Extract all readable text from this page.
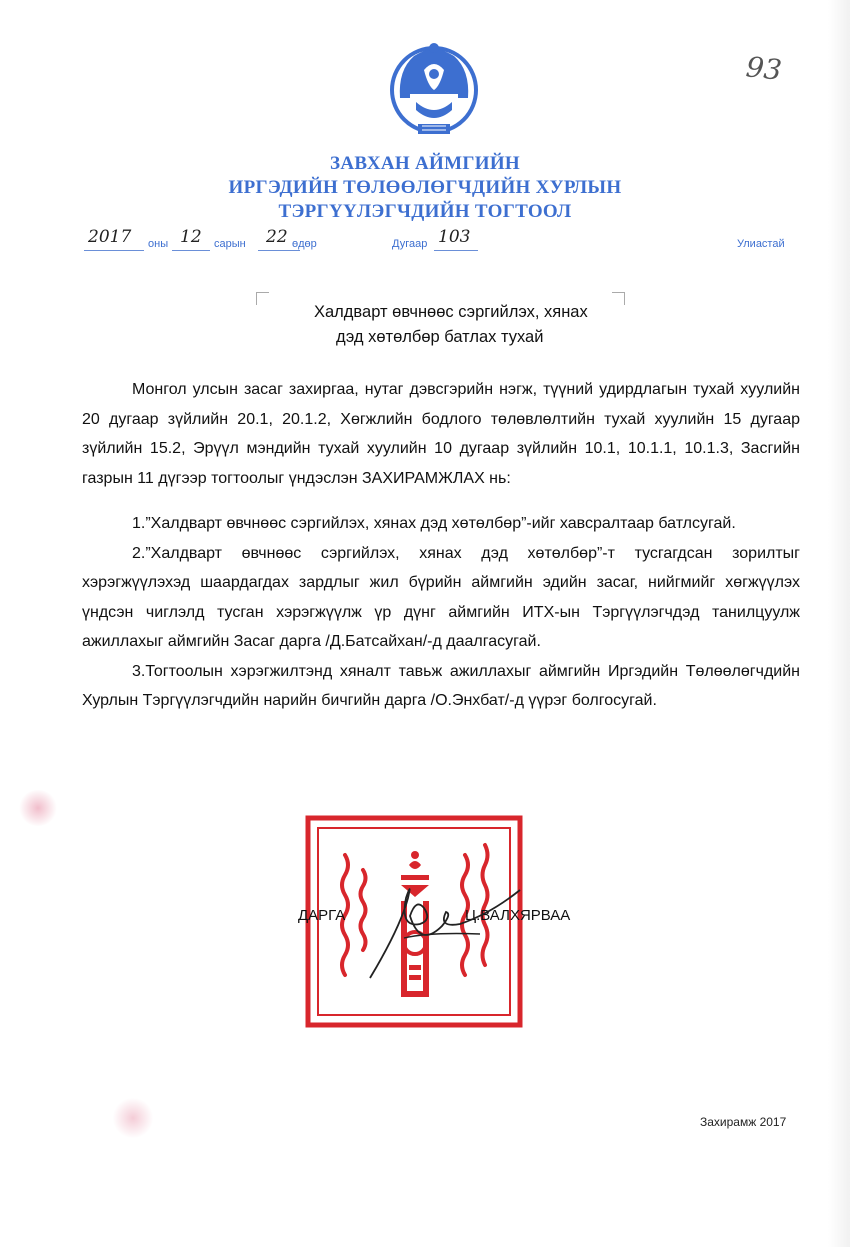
93
ЗАВХАН АЙМГИЙН
ИРГЭДИЙН ТӨЛӨӨЛӨГЧДИЙН ХУРЛЫН
ТЭРГҮҮЛЭГЧДИЙН ТОГТООЛ
2017 оны 12 сарын 22 өдөр	Дугаар 103	Улиастай
Халдварт өвчнөөс сэргийлэх, хянах
дэд хөтөлбөр батлах тухай

Монгол улсын засаг захиргаа, нутаг дэвсгэрийн нэгж, түүний удирдлагын тухай хуулийн 20 дугаар зүйлийн 20.1, 20.1.2, Хөгжлийн бодлого төлөвлөлтийн тухай хуулийн 15 дугаар зүйлийн 15.2, Эрүүл мэндийн тухай хуулийн 10 дугаар зүйлийн 10.1, 10.1.1, 10.1.3, Засгийн газрын 11 дүгээр тогтоолыг үндэслэн ЗАХИРАМЖЛАХ нь:

1.”Халдварт өвчнөөс сэргийлэх, хянах дэд хөтөлбөр”-ийг хавсралтаар батлсугай.

2.”Халдварт өвчнөөс сэргийлэх, хянах дэд хөтөлбөр”-т тусгагдсан зорилтыг хэрэгжүүлэхэд шаардагдах зардлыг жил бүрийн аймгийн эдийн засаг, нийгмийг хөгжүүлэх үндсэн чиглэлд тусган хэрэгжүүлж үр дүнг аймгийн ИТХ-ын Тэргүүлэгчдэд танилцуулж ажиллахыг аймгийн Засаг дарга /Д.Батсайхан/-д даалгасугай.

3.Тогтоолын хэрэгжилтэнд хяналт тавьж ажиллахыг аймгийн Иргэдийн Төлөөлөгчдийн Хурлын Тэргүүлэгчдийн нарийн бичгийн дарга /О.Энхбат/-д үүрэг болгосугай.

ДАРГА	Ц.ВАЛХЯРВАА
Захирамж 2017
